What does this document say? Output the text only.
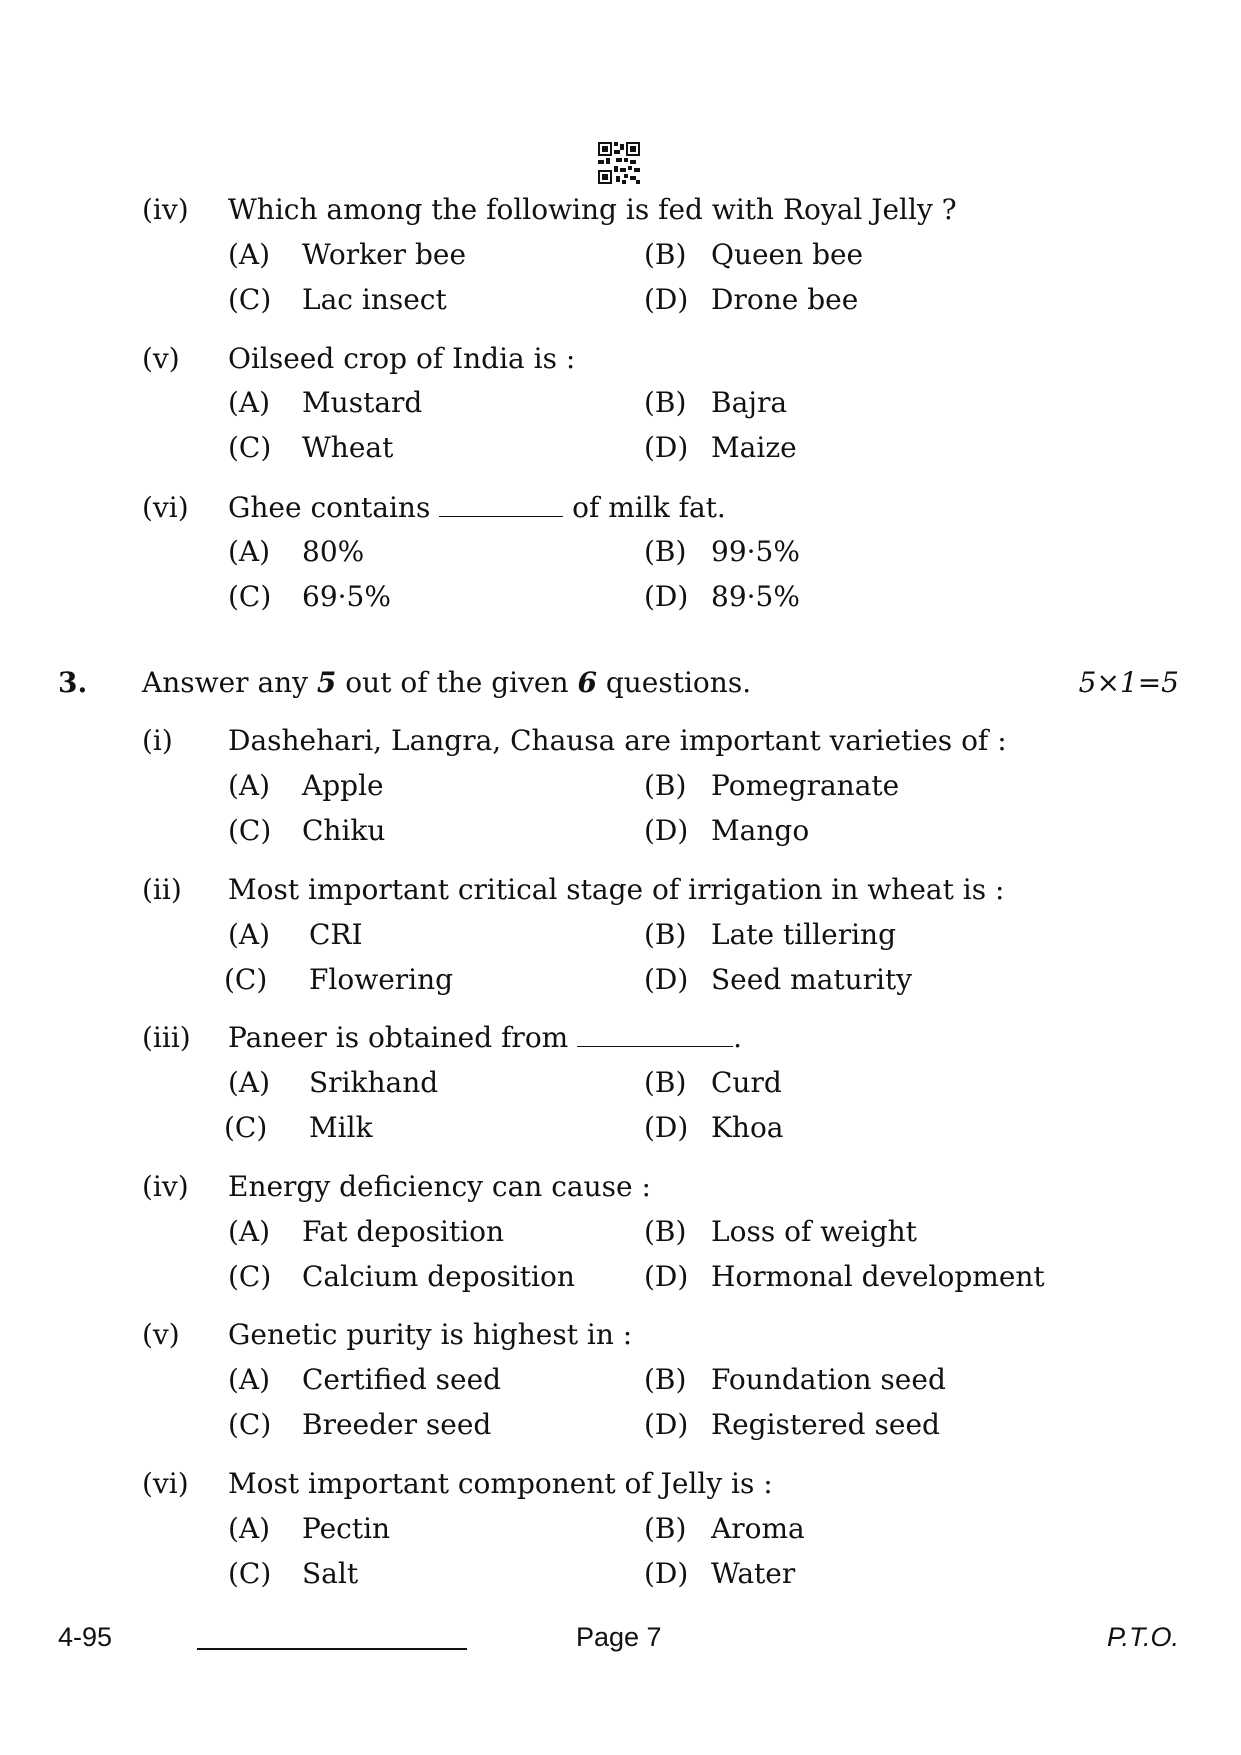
(iv) Which among the following is fed with Royal Jelly ?
(A) Worker bee	(B) Queen bee
(C) Lac insect	(D) Drone bee
(v) Oilseed crop of India is :
(A) Mustard	(B) Bajra
(C) Wheat	(D) Maize
(vi) Ghee contains	of milk fat.
(A) 80%	(B) 99·5%
(C) 69·5%	(D) 89·5%
3. Answer any 5 out of the given 6 questions.	5×1=5
(i) Dashehari, Langra, Chausa are important varieties of :
(A) Apple	(B) Pomegranate
(C) Chiku	(D) Mango
(ii) Most important critical stage of irrigation in wheat is :
(A) CRI	(B) Late tillering
(C) Flowering	(D) Seed maturity
(iii) Paneer is obtained from	.
(A) Srikhand	(B) Curd
(C) Milk	(D) Khoa
(iv) Energy deficiency can cause :
(A) Fat deposition	(B) Loss of weight
(C) Calcium deposition (D) Hormonal development
(v) Genetic purity is highest in :
(A) Certified seed	(B) Foundation seed
(C) Breeder seed	(D) Registered seed
(vi) Most important component of Jelly is :
(A) Pectin	(B) Aroma
(C) Salt	(D) Water
4-95	Page 7	P.T.O.
